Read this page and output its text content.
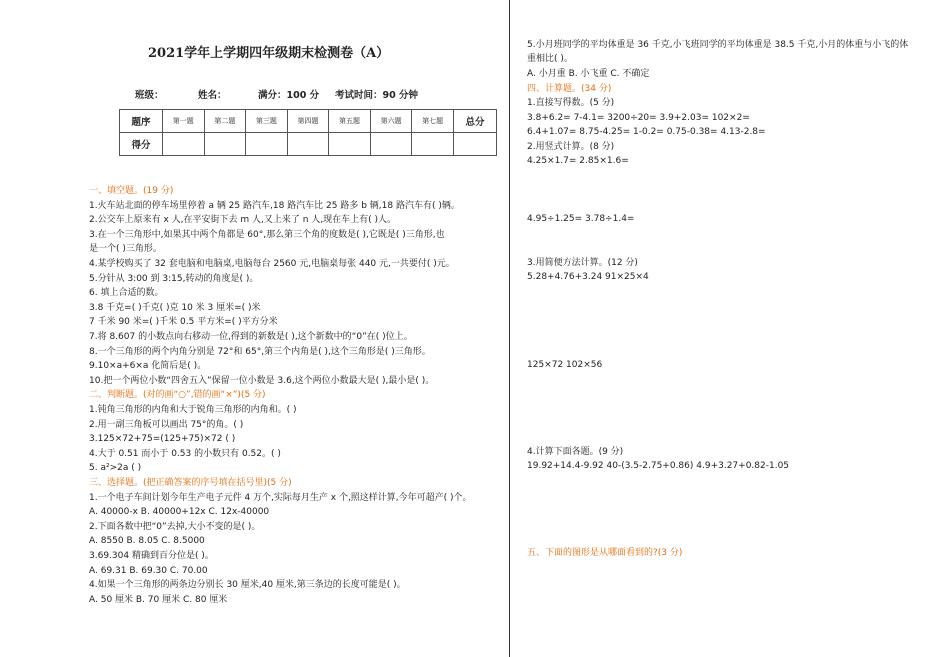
2021学年上学期四年级期末检测卷（A）
班级：	姓名：	满分：100 分 考试时间：90 分钟
题序	第一题	第二题	第三题	第四题	第五题	第六题	第七题	总分
得分								
一、填空题。(19 分)
1.火车站北面的停车场里停着 a 辆 25 路汽车,18 路汽车比 25 路多 b 辆,18 路汽车有( )辆。
2.公交车上原来有 x 人,在平安街下去 m 人,又上来了 n 人,现在车上有( )人。
3.在一个三角形中,如果其中两个角都是 60°,那么第三个角的度数是( ),它既是( )三角形,也
是一个( )三角形。
4.某学校购买了 32 套电脑和电脑桌,电脑每台 2560 元,电脑桌每张 440 元,一共要付( )元。
5.分针从 3:00 到 3:15,转动的角度是( )。
6. 填上合适的数。
3.8 千克=( )千克( )克 10 米 3 厘米=( )米
7 千米 90 米=( )千米 0.5 平方米=( )平方分米
7.将 8.607 的小数点向右移动一位,得到的新数是( ),这个新数中的“0”在( )位上。
8.一个三角形的两个内角分别是 72°和 65°,第三个内角是( ),这个三角形是( )三角形。
9.10×a+6×a 化简后是( )。
10.把一个两位小数“四舍五入”保留一位小数是 3.6,这个两位小数最大是( ),最小是( )。
二、判断题。(对的画“○”,错的画“×”)(5 分)
1.钝角三角形的内角和大于锐角三角形的内角和。( )
2.用一副三角板可以画出 75°的角。( )
3.125×72+75=(125+75)×72 ( )
4.大于 0.51 而小于 0.53 的小数只有 0.52。( )
5. a²>2a ( )
三、选择题。(把正确答案的序号填在括号里)(5 分)
1.一个电子车间计划今年生产电子元件 4 万个,实际每月生产 x 个,照这样计算,今年可超产( )个。
A. 40000-x B. 40000+12x C. 12x-40000
2.下面各数中把“0”去掉,大小不变的是( )。
A. 8550 B. 8.05 C. 8.5000
3.69.304 精确到百分位是( )。
A. 69.31 B. 69.30 C. 70.00
4.如果一个三角形的两条边分别长 30 厘米,40 厘米,第三条边的长度可能是( )。
A. 50 厘米 B. 70 厘米 C. 80 厘米
5.小月班同学的平均体重是 36 千克,小飞班同学的平均体重是 38.5 千克,小月的体重与小飞的体
重相比( )。
A. 小月重 B. 小飞重 C. 不确定
四、计算题。(34 分)
1.直接写得数。(5 分)
3.8+6.2= 7-4.1= 3200÷20= 3.9+2.03= 102×2=
6.4+1.07= 8.75-4.25= 1-0.2= 0.75-0.38= 4.13-2.8=
2.用竖式计算。(8 分)
4.25×1.7= 2.85×1.6=
4.95÷1.25= 3.78÷1.4=
3.用简便方法计算。(12 分)
5.28+4.76+3.24 91×25×4
125×72 102×56
4.计算下面各题。(9 分)
19.92+14.4-9.92 40-(3.5-2.75+0.86) 4.9+3.27+0.82-1.05
五、下面的图形是从哪面看到的?(3 分)
